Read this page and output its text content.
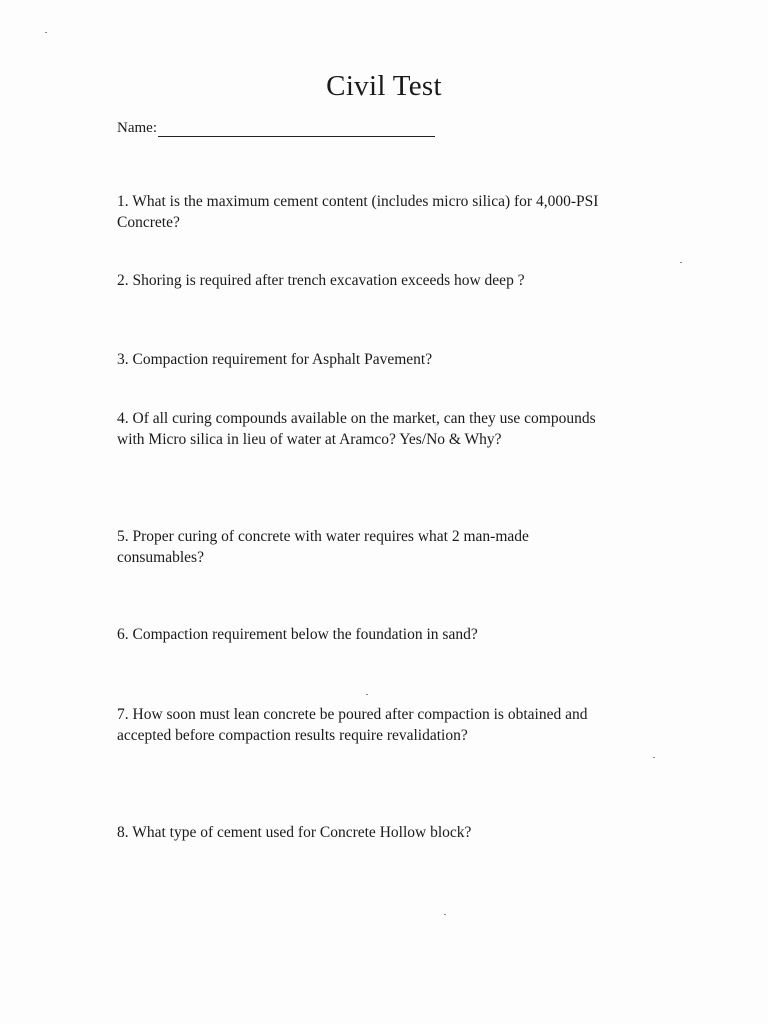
Civil Test
Name:
1. What is the maximum cement content (includes micro silica) for 4,000-PSI
Concrete?
2. Shoring is required after trench excavation exceeds how deep ?
3. Compaction requirement for Asphalt Pavement?
4. Of all curing compounds available on the market, can they use compounds
with Micro silica in lieu of water at Aramco? Yes/No & Why?
5. Proper curing of concrete with water requires what 2 man-made
consumables?
6. Compaction requirement below the foundation in sand?
7. How soon must lean concrete be poured after compaction is obtained and
accepted before compaction results require revalidation?
8. What type of cement used for Concrete Hollow block?
